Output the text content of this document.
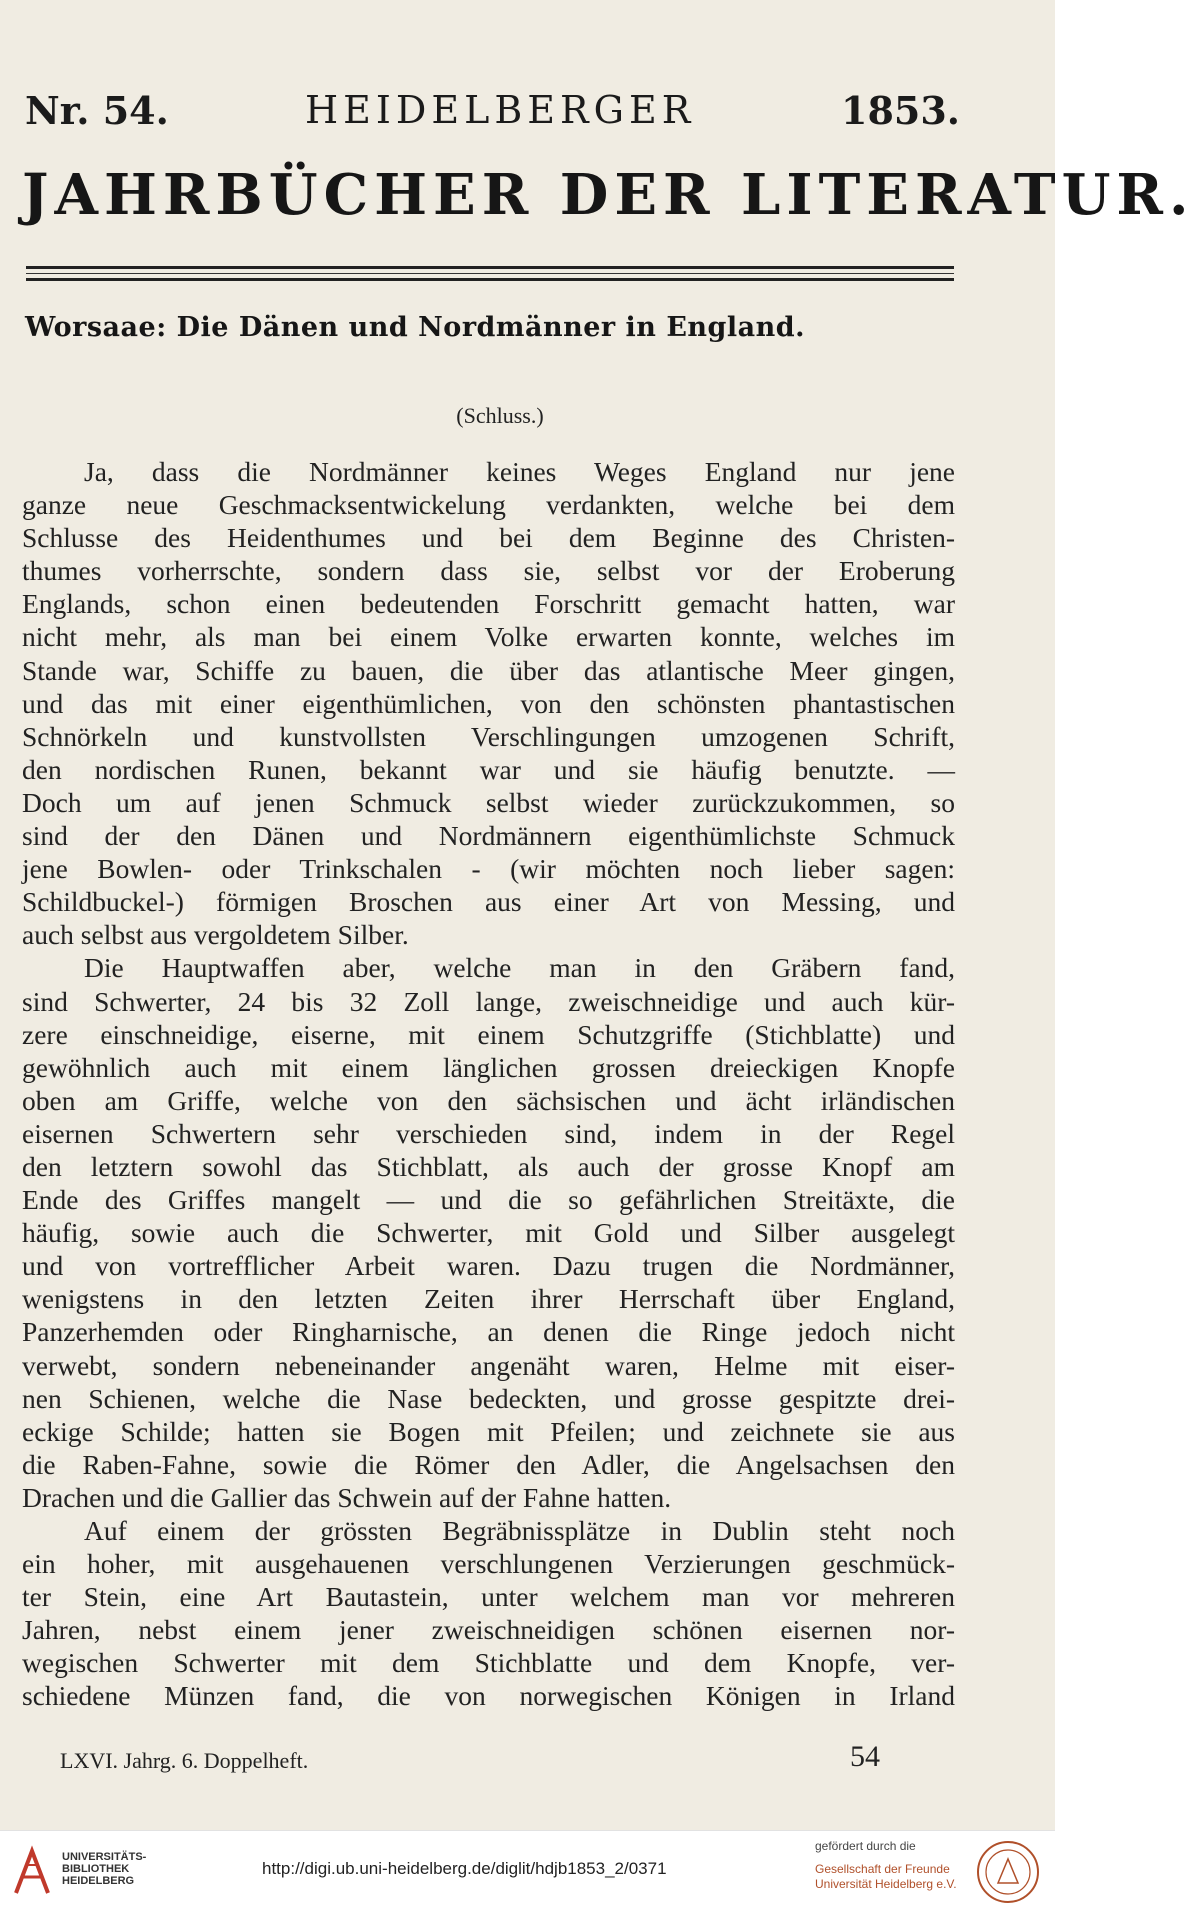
Nr. 54.	HEIDELBERGER	1853.
JAHRBÜCHER DER LITERATUR.
Worsaae: Die Dänen und Nordmänner in England.
(Schluss.)
Ja, dass die Nordmänner keines Weges England nur jene
ganze neue Geschmacksentwickelung verdankten, welche bei dem
Schlusse des Heidenthumes und bei dem Beginne des Christen-
thumes vorherrschte, sondern dass sie, selbst vor der Eroberung
Englands, schon einen bedeutenden Forschritt gemacht hatten, war
nicht mehr, als man bei einem Volke erwarten konnte, welches im
Stande war, Schiffe zu bauen, die über das atlantische Meer gingen,
und das mit einer eigenthümlichen, von den schönsten phantastischen
Schnörkeln und kunstvollsten Verschlingungen umzogenen Schrift,
den nordischen Runen, bekannt war und sie häufig benutzte. —
Doch um auf jenen Schmuck selbst wieder zurückzukommen, so
sind der den Dänen und Nordmännern eigenthümlichste Schmuck
jene Bowlen- oder Trinkschalen - (wir möchten noch lieber sagen:
Schildbuckel-) förmigen Broschen aus einer Art von Messing, und
auch selbst aus vergoldetem Silber.
Die Hauptwaffen aber, welche man in den Gräbern fand,
sind Schwerter, 24 bis 32 Zoll lange, zweischneidige und auch kür-
zere einschneidige, eiserne, mit einem Schutzgriffe (Stichblatte) und
gewöhnlich auch mit einem länglichen grossen dreieckigen Knopfe
oben am Griffe, welche von den sächsischen und ächt irländischen
eisernen Schwertern sehr verschieden sind, indem in der Regel
den letztern sowohl das Stichblatt, als auch der grosse Knopf am
Ende des Griffes mangelt — und die so gefährlichen Streitäxte, die
häufig, sowie auch die Schwerter, mit Gold und Silber ausgelegt
und von vortrefflicher Arbeit waren. Dazu trugen die Nordmänner,
wenigstens in den letzten Zeiten ihrer Herrschaft über England,
Panzerhemden oder Ringharnische, an denen die Ringe jedoch nicht
verwebt, sondern nebeneinander angenäht waren, Helme mit eiser-
nen Schienen, welche die Nase bedeckten, und grosse gespitzte drei-
eckige Schilde; hatten sie Bogen mit Pfeilen; und zeichnete sie aus
die Raben-Fahne, sowie die Römer den Adler, die Angelsachsen den
Drachen und die Gallier das Schwein auf der Fahne hatten.
Auf einem der grössten Begräbnissplätze in Dublin steht noch
ein hoher, mit ausgehauenen verschlungenen Verzierungen geschmück-
ter Stein, eine Art Bautastein, unter welchem man vor mehreren
Jahren, nebst einem jener zweischneidigen schönen eisernen nor-
wegischen Schwerter mit dem Stichblatte und dem Knopfe, ver-
schiedene Münzen fand, die von norwegischen Königen in Irland
LXVI. Jahrg. 6. Doppelheft.	54
UNIVERSITÄTS-
BIBLIOTHEK
HEIDELBERG
http://digi.ub.uni-heidelberg.de/diglit/hdjb1853_2/0371
gefördert durch die
Gesellschaft der Freunde
Universität Heidelberg e.V.
